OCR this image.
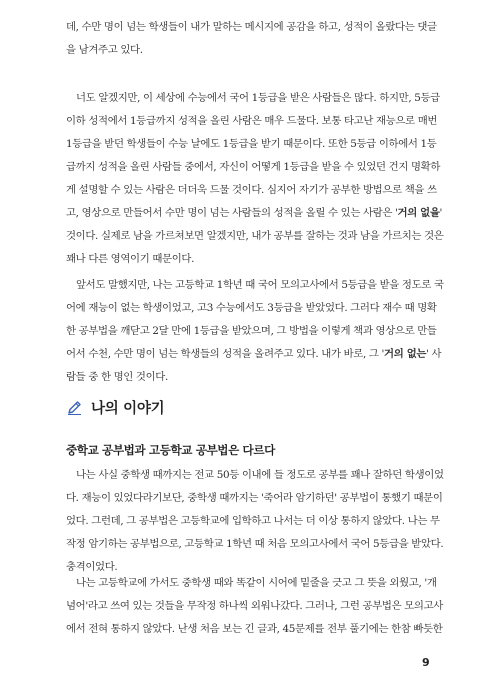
데, 수만 명이 넘는 학생들이 내가 말하는 메시지에 공감을 하고, 성적이 올랐다는 댓글
을 남겨주고 있다.
너도 알겠지만, 이 세상에 수능에서 국어 1등급을 받은 사람들은 많다. 하지만, 5등급
이하 성적에서 1등급까지 성적을 올린 사람은 매우 드물다. 보통 타고난 재능으로 매번
1등급을 받던 학생들이 수능 날에도 1등급을 받기 때문이다. 또한 5등급 이하에서 1등
급까지 성적을 올린 사람들 중에서, 자신이 어떻게 1등급을 받을 수 있었던 건지 명확하
게 설명할 수 있는 사람은 더더욱 드물 것이다. 심지어 자기가 공부한 방법으로 책을 쓰
고, 영상으로 만들어서 수만 명이 넘는 사람들의 성적을 올릴 수 있는 사람은 '거의 없을'
것이다. 실제로 남을 가르쳐보면 알겠지만, 내가 공부를 잘하는 것과 남을 가르치는 것은
꽤나 다른 영역이기 때문이다.
앞서도 말했지만, 나는 고등학교 1학년 때 국어 모의고사에서 5등급을 받을 정도로 국
어에 재능이 없는 학생이었고, 고3 수능에서도 3등급을 받았었다. 그러다 재수 때 명확
한 공부법을 깨닫고 2달 만에 1등급을 받았으며, 그 방법을 이렇게 책과 영상으로 만들
어서 수천, 수만 명이 넘는 학생들의 성적을 올려주고 있다. 내가 바로, 그 '거의 없는' 사
람들 중 한 명인 것이다.
나의 이야기
중학교 공부법과 고등학교 공부법은 다르다
나는 사실 중학생 때까지는 전교 50등 이내에 들 정도로 공부를 꽤나 잘하던 학생이었
다. 재능이 있었다라기보단, 중학생 때까지는 '죽어라 암기하던' 공부법이 통했기 때문이
었다. 그런데, 그 공부법은 고등학교에 입학하고 나서는 더 이상 통하지 않았다. 나는 무
작정 암기하는 공부법으로, 고등학교 1학년 때 처음 모의고사에서 국어 5등급을 받았다.
충격이었다.
나는 고등학교에 가서도 중학생 때와 똑같이 시어에 밑줄을 긋고 그 뜻을 외웠고, '개
념어'라고 쓰여 있는 것들을 무작정 하나씩 외워나갔다. 그러나, 그런 공부법은 모의고사
에서 전혀 통하지 않았다. 난생 처음 보는 긴 글과, 45문제를 전부 풀기에는 한참 빠듯한
9
